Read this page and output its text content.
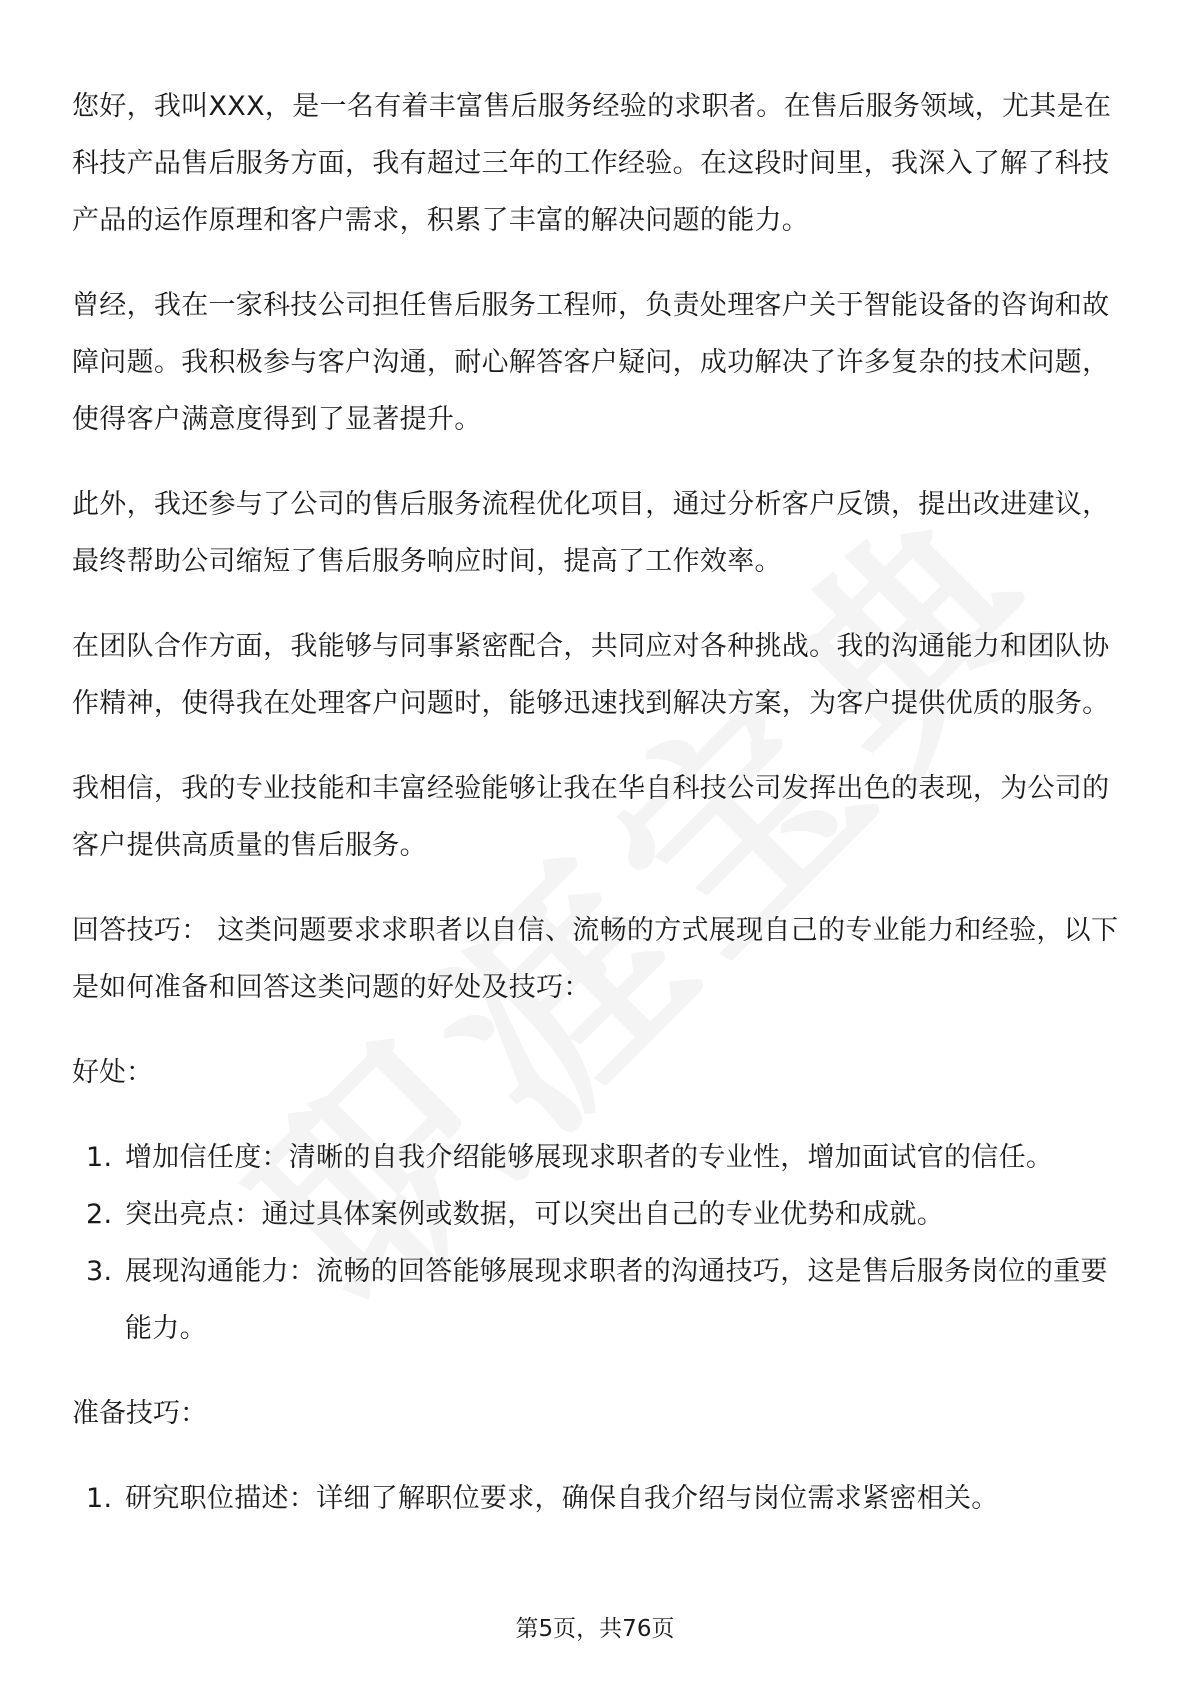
您好，我叫XXX，是一名有着丰富售后服务经验的求职者。在售后服务领域，尤其是在科技产品售后服务方面，我有超过三年的工作经验。在这段时间里，我深入了解了科技产品的运作原理和客户需求，积累了丰富的解决问题的能力。

曾经，我在一家科技公司担任售后服务工程师，负责处理客户关于智能设备的咨询和故障问题。我积极参与客户沟通，耐心解答客户疑问，成功解决了许多复杂的技术问题，使得客户满意度得到了显著提升。

此外，我还参与了公司的售后服务流程优化项目，通过分析客户反馈，提出改进建议，最终帮助公司缩短了售后服务响应时间，提高了工作效率。

在团队合作方面，我能够与同事紧密配合，共同应对各种挑战。我的沟通能力和团队协作精神，使得我在处理客户问题时，能够迅速找到解决方案，为客户提供优质的服务。

我相信，我的专业技能和丰富经验能够让我在华自科技公司发挥出色的表现，为公司的客户提供高质量的售后服务。

回答技巧： 这类问题要求求职者以自信、流畅的方式展现自己的专业能力和经验，以下是如何准备和回答这类问题的好处及技巧：

好处：

1. 增加信任度：清晰的自我介绍能够展现求职者的专业性，增加面试官的信任。
2. 突出亮点：通过具体案例或数据，可以突出自己的专业优势和成就。
3. 展现沟通能力：流畅的回答能够展现求职者的沟通技巧，这是售后服务岗位的重要能力。

准备技巧：

1. 研究职位描述：详细了解职位要求，确保自我介绍与岗位需求紧密相关。
第5页，共76页
